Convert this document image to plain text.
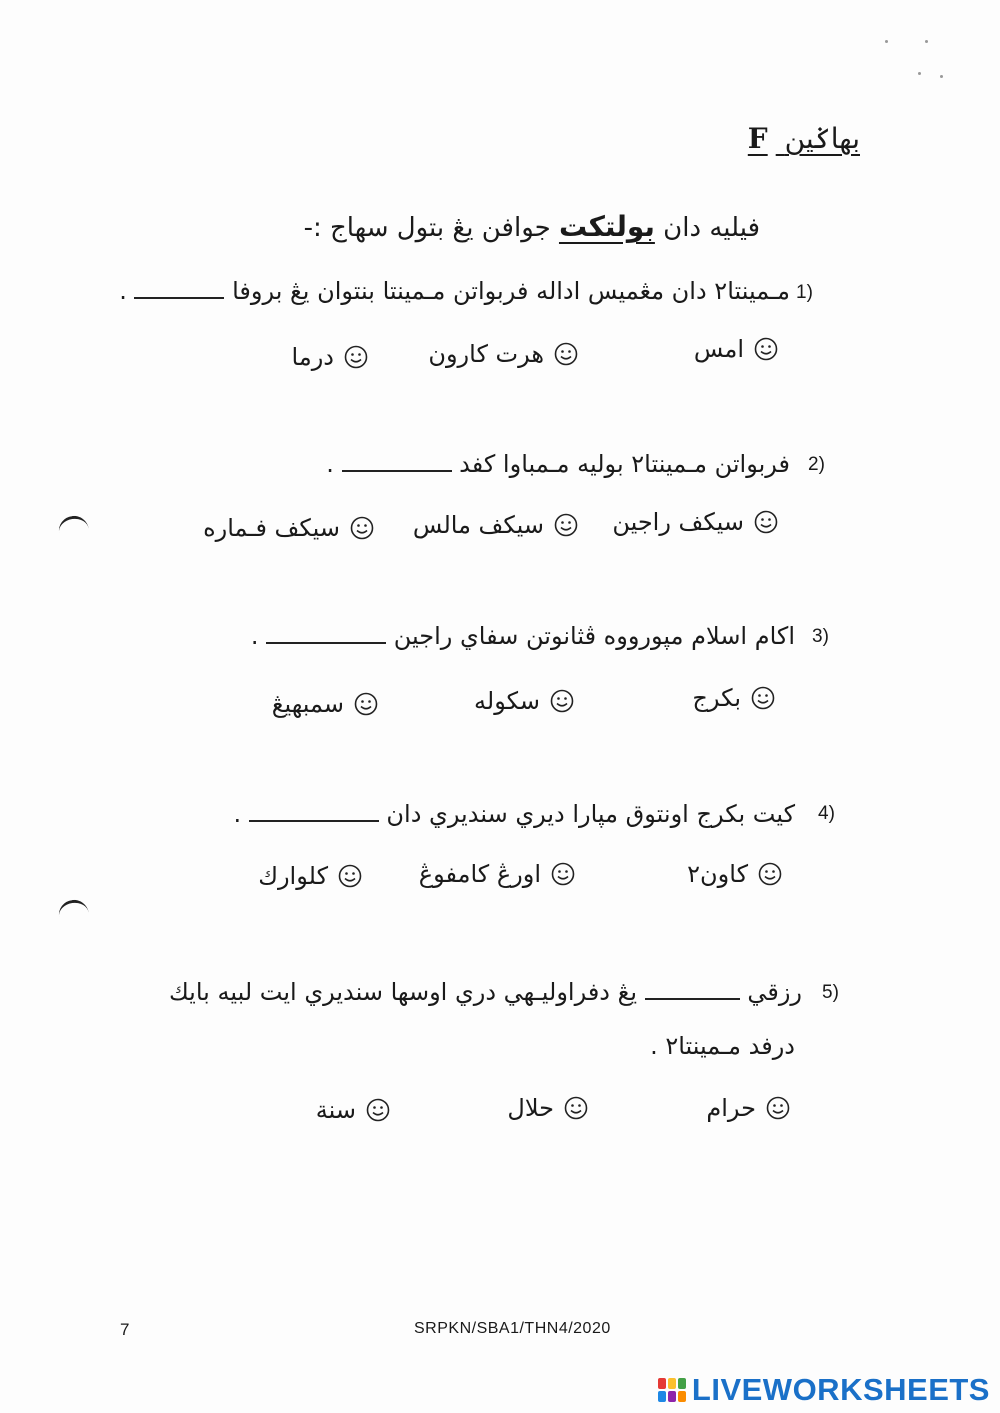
بهاݢين F
فيليه دان بولتكت جوافن يڠ بتول سهاج :-
1)
مـمينتا٢ دان مڠميس اداله فربواتن مـمينتا بنتوان يڠ بروفا  .
امس
هرت كارون
درما
2)
فربواتن مـمينتا٢ بوليه مـمباوا كفد  .
سيكف راجين
سيكف مالس
سيكف فـماره
3)
اكام اسلام مپورووه ڤثانوتن سفاي راجين  .
بكرج
سكوله
سمبهيڠ
4)
كيت بكرج اونتوق مپارا ديري سنديري دان  .
كاون٢
اورڠ كامفوڠ
كلوارك
5)
رزقي  يڠ دفراوليـهي دري اوسها سنديري ايت لبيه بايك
درفد مـمينتا٢ .
حرام
حلال
سنة
7	SRPKN/SBA1/THN4/2020
LIVEWORKSHEETS
